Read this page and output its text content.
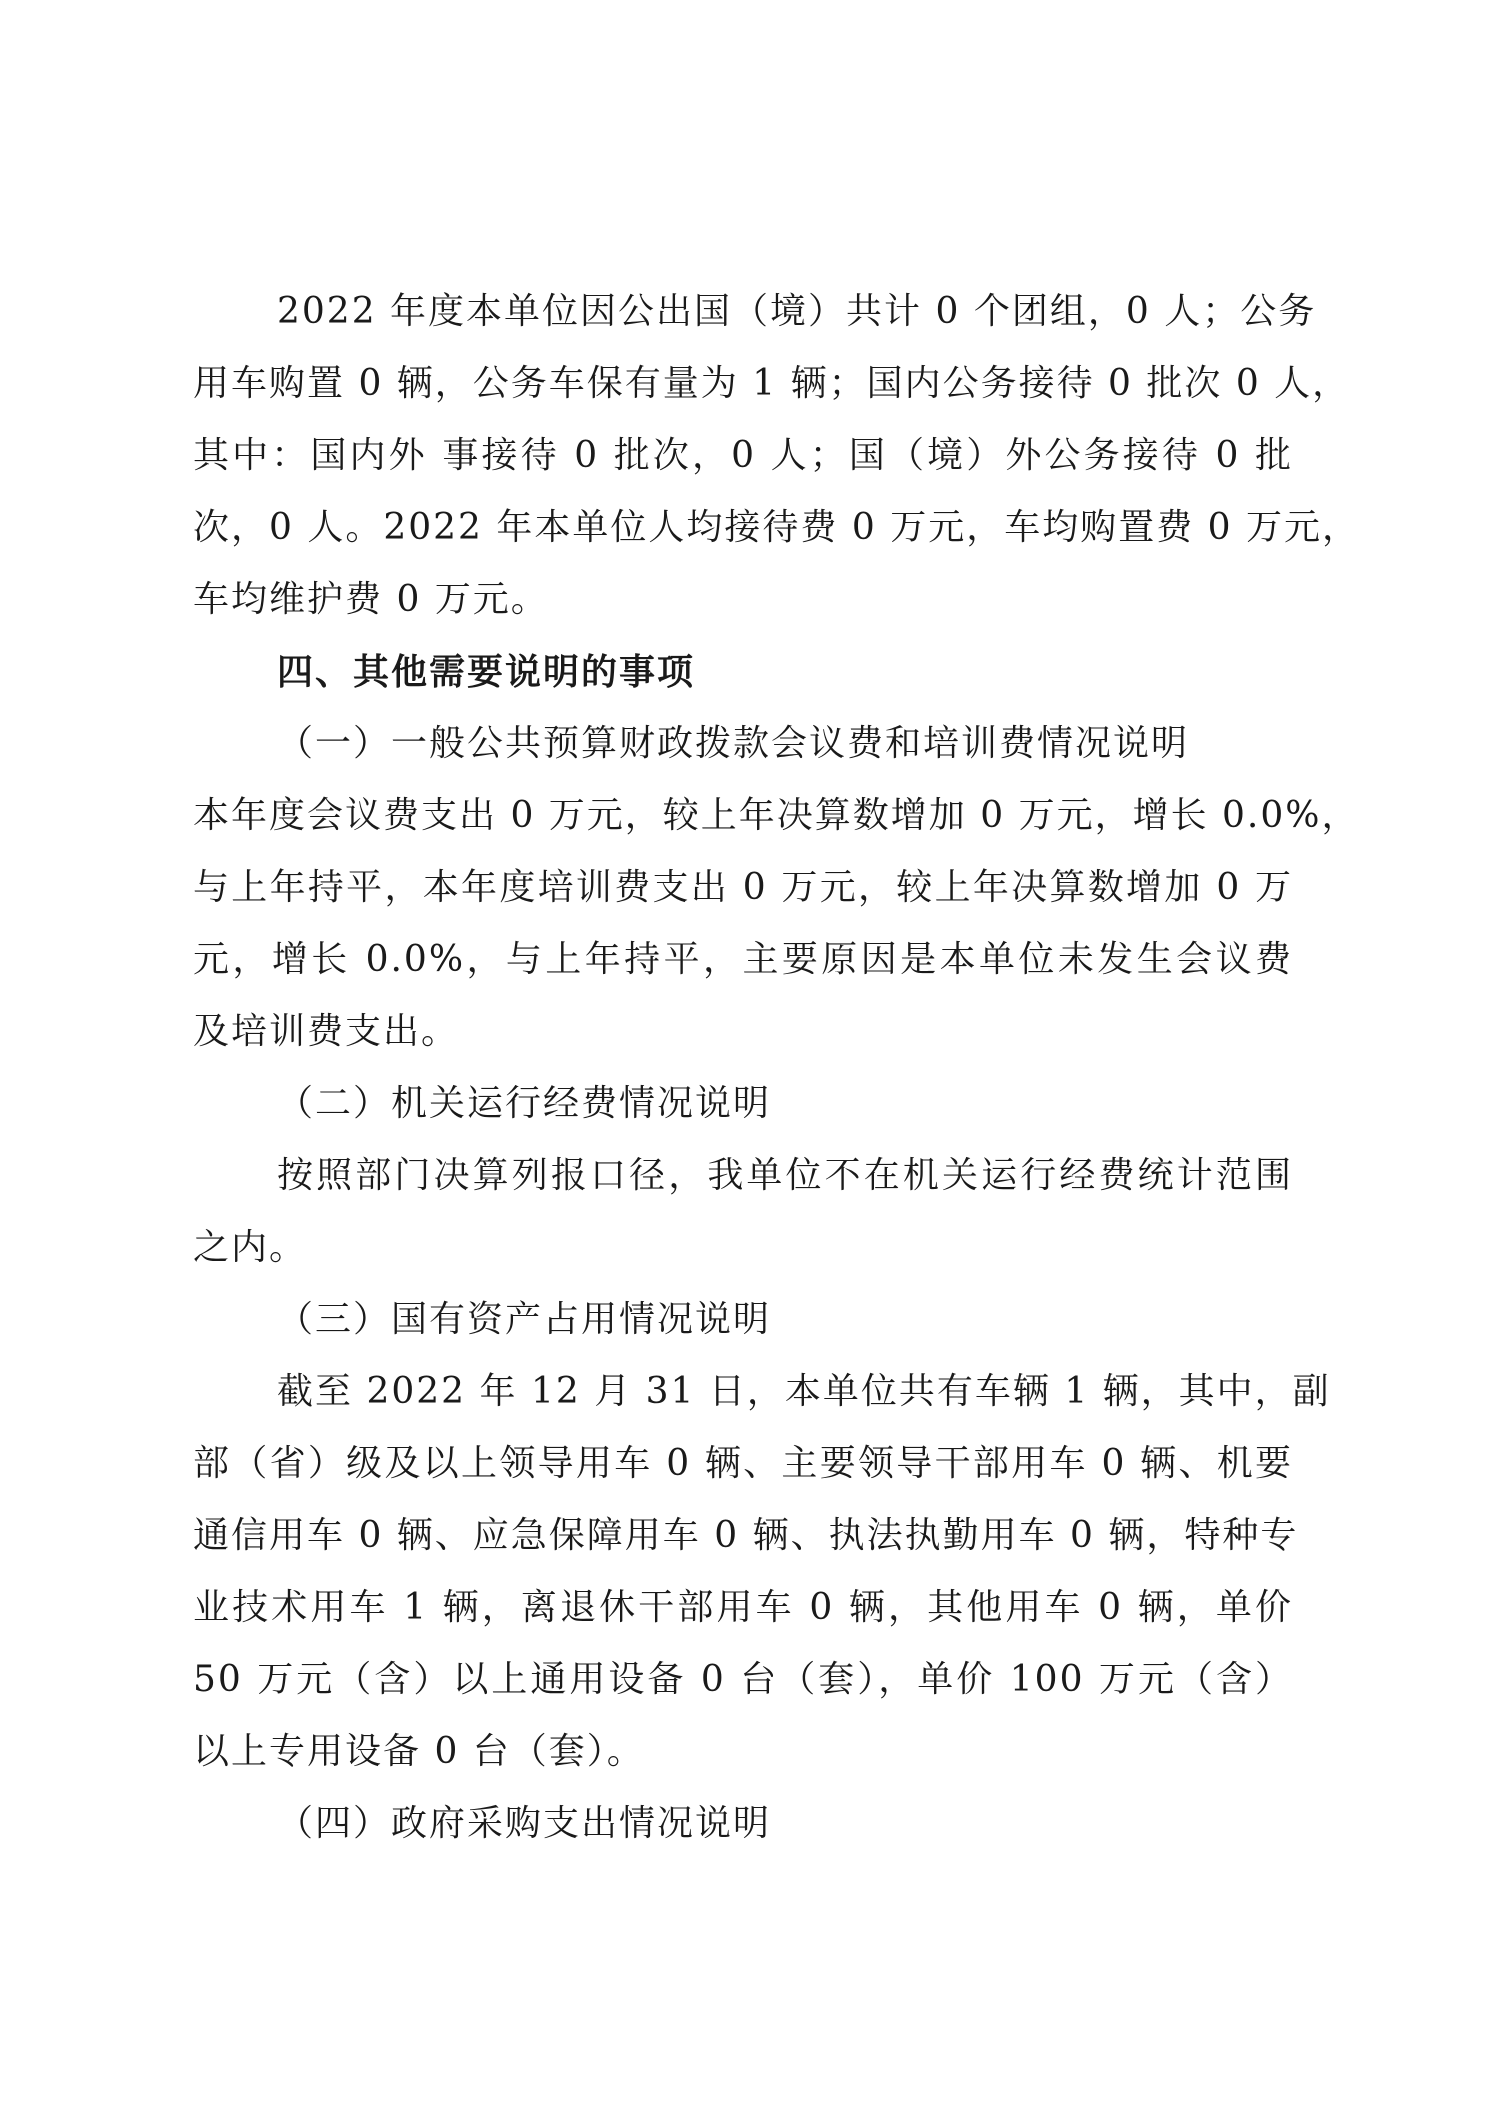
2022 年度本单位因公出国（境）共计 0 个团组，0 人；公务
用车购置 0 辆，公务车保有量为 1 辆；国内公务接待 0 批次 0 人，
其中：国内外 事接待 0 批次，0 人；国（境）外公务接待 0 批
次，0 人。2022 年本单位人均接待费 0 万元，车均购置费 0 万元，
车均维护费 0 万元。
四、其他需要说明的事项
（一）一般公共预算财政拨款会议费和培训费情况说明
本年度会议费支出 0 万元，较上年决算数增加 0 万元，增长 0.0%，
与上年持平，本年度培训费支出 0 万元，较上年决算数增加 0 万
元，增长 0.0%，与上年持平，主要原因是本单位未发生会议费
及培训费支出。
（二）机关运行经费情况说明
按照部门决算列报口径，我单位不在机关运行经费统计范围
之内。
（三）国有资产占用情况说明
截至 2022 年 12 月 31 日，本单位共有车辆 1 辆，其中，副
部（省）级及以上领导用车 0 辆、主要领导干部用车 0 辆、机要
通信用车 0 辆、应急保障用车 0 辆、执法执勤用车 0 辆，特种专
业技术用车 1 辆，离退休干部用车 0 辆，其他用车 0 辆，单价
50 万元（含）以上通用设备 0 台（套），单价 100 万元（含）
以上专用设备 0 台（套）。
（四）政府采购支出情况说明
